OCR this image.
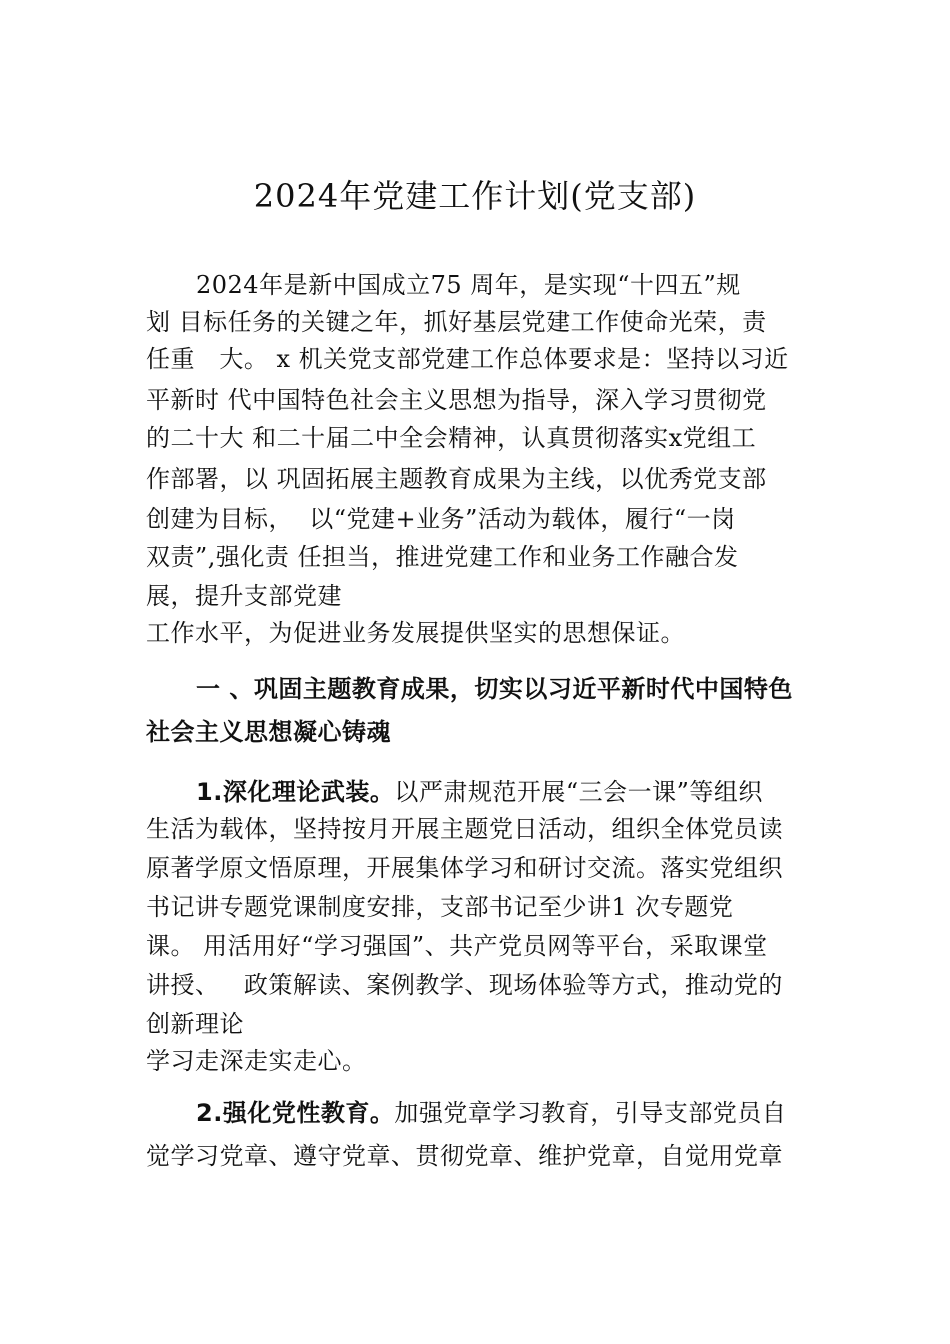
2024年党建工作计划(党支部)
2024年是新中国成立75 周年，是实现“十四五”规
划 目标任务的关键之年，抓好基层党建工作使命光荣，责
任重   大。 x 机关党支部党建工作总体要求是：坚持以习近
平新时 代中国特色社会主义思想为指导，深入学习贯彻党
的二十大 和二十届二中全会精神，认真贯彻落实x党组工
作部署，以 巩固拓展主题教育成果为主线，以优秀党支部
创建为目标，  以“党建+业务”活动为载体，履行“一岗
双责”,强化责 任担当，推进党建工作和业务工作融合发
展，提升支部党建
工作水平，为促进业务发展提供坚实的思想保证。
一 、巩固主题教育成果，切实以习近平新时代中国特色
社会主义思想凝心铸魂
1.深化理论武装。以严肃规范开展“三会一课”等组织
生活为载体，坚持按月开展主题党日活动，组织全体党员读
原著学原文悟原理，开展集体学习和研讨交流。落实党组织
书记讲专题党课制度安排，支部书记至少讲1 次专题党
课。 用活用好“学习强国”、共产党员网等平台，采取课堂
讲授、   政策解读、案例教学、现场体验等方式，推动党的
创新理论
学习走深走实走心。
2.强化党性教育。加强党章学习教育，引导支部党员自
觉学习党章、遵守党章、贯彻党章、维护党章，自觉用党章
